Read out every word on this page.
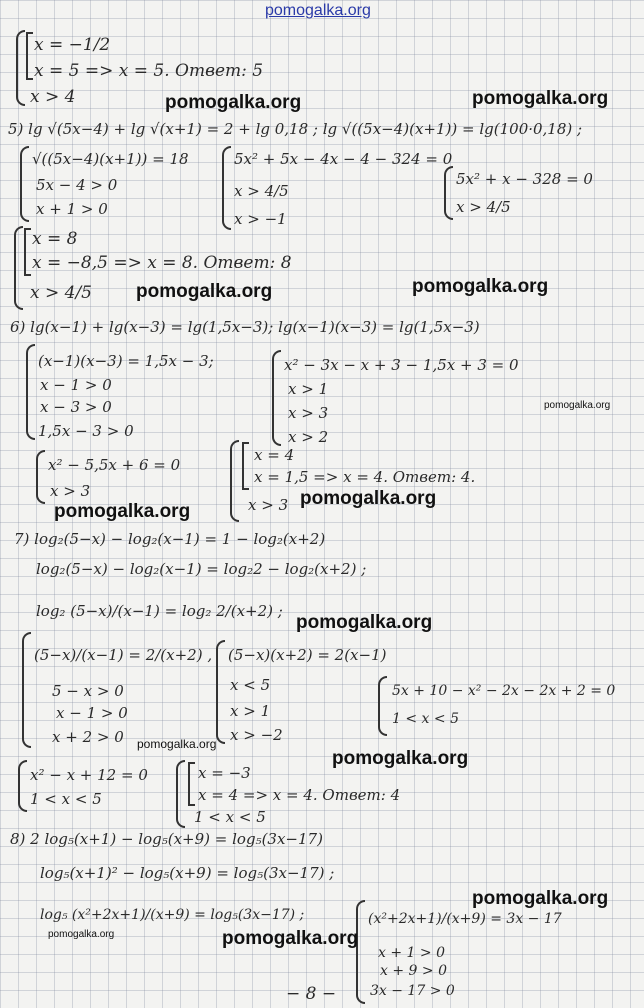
pomogalka.org
x = −1/2
x = 5 => x = 5. Ответ: 5
x > 4	pomogalka.org	pomogalka.org
5) lg √(5x−4) + lg √(x+1) = 2 + lg 0,18 ; lg √((5x−4)(x+1)) = lg(100·0,18) ;
√((5x−4)(x+1)) = 18
5x − 4 > 0
x + 1 > 0
5x² + 5x − 4x − 4 − 324 = 0
x > 4/5
x > −1
5x² + x − 328 = 0
x > 4/5
x = 8
x = −8,5 => x = 8. Ответ: 8
x > 4/5 pomogalka.org	pomogalka.org
6) lg(x−1) + lg(x−3) = lg(1,5x−3); lg(x−1)(x−3) = lg(1,5x−3)
(x−1)(x−3) = 1,5x − 3;
x − 1 > 0
x − 3 > 0
1,5x − 3 > 0
x² − 3x − x + 3 − 1,5x + 3 = 0
x > 1
x > 3
x > 2
pomogalka.org
x² − 5,5x + 6 = 0
x > 3
x = 4
x = 1,5 => x = 4. Ответ: 4.
x > 3 pomogalka.org
pomogalka.org
7) log₂(5−x) − log₂(x−1) = 1 − log₂(x+2)
log₂(5−x) − log₂(x−1) = log₂2 − log₂(x+2) ;
log₂ (5−x)/(x−1) = log₂ 2/(x+2) ;
pomogalka.org
(5−x)/(x−1) = 2/(x+2) ,
5 − x > 0
x − 1 > 0
x + 2 > 0
(5−x)(x+2) = 2(x−1)
x < 5
x > 1
x > −2
5x + 10 − x² − 2x − 2x + 2 = 0
1 < x < 5
pomogalka.org
pomogalka.org
x² − x + 12 = 0
1 < x < 5
x = −3
x = 4 => x = 4. Ответ: 4
1 < x < 5
8) 2 log₅(x+1) − log₅(x+9) = log₅(3x−17)
log₅(x+1)² − log₅(x+9) = log₅(3x−17) ;
log₅ (x²+2x+1)/(x+9) = log₅(3x−17) ;
pomogalka.org
(x²+2x+1)/(x+9) = 3x − 17
x + 1 > 0
x + 9 > 0
3x − 17 > 0
pomogalka.org	pomogalka.org
− 8 −
